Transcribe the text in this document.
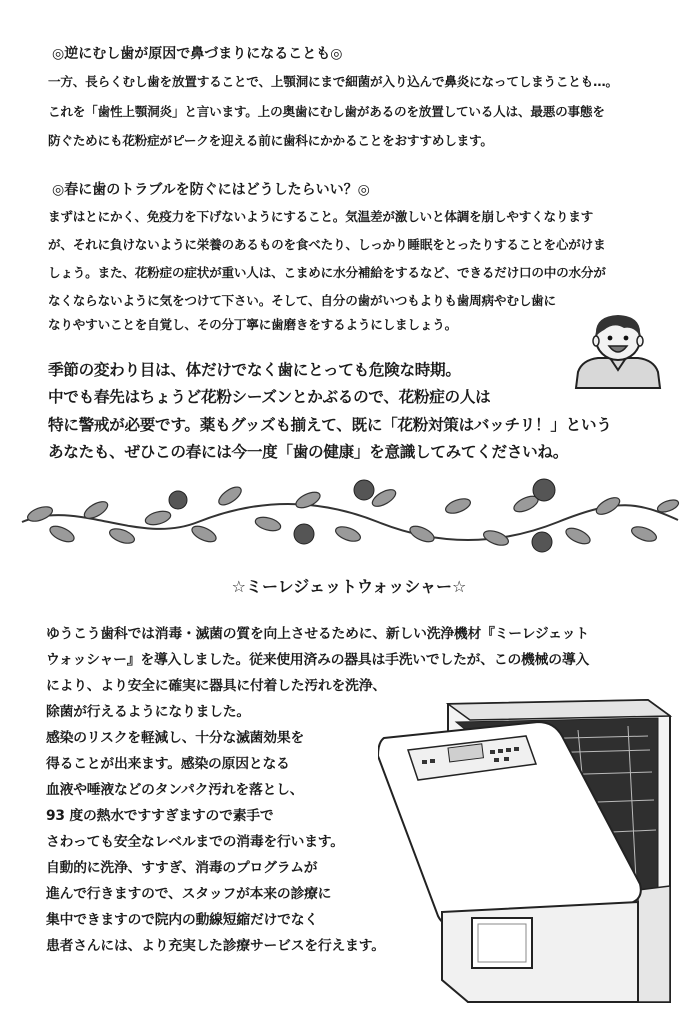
◎逆にむし歯が原因で鼻づまりになることも◎
一方、長らくむし歯を放置することで、上顎洞にまで細菌が入り込んで鼻炎になってしまうことも…。
これを「歯性上顎洞炎」と言います。上の奥歯にむし歯があるのを放置している人は、最悪の事態を
防ぐためにも花粉症がピークを迎える前に歯科にかかることをおすすめします。
◎春に歯のトラブルを防ぐにはどうしたらいい？◎
まずはとにかく、免疫力を下げないようにすること。気温差が激しいと体調を崩しやすくなります
が、それに負けないように栄養のあるものを食べたり、しっかり睡眠をとったりすることを心がけま
しょう。また、花粉症の症状が重い人は、こまめに水分補給をするなど、できるだけ口の中の水分が
なくならないように気をつけて下さい。そして、自分の歯がいつもよりも歯周病やむし歯に
なりやすいことを自覚し、その分丁寧に歯磨きをするようにしましょう。
季節の変わり目は、体だけでなく歯にとっても危険な時期。
中でも春先はちょうど花粉シーズンとかぶるので、花粉症の人は
特に警戒が必要です。薬もグッズも揃えて、既に「花粉対策はバッチリ！」という
あなたも、ぜひこの春には今一度「歯の健康」を意識してみてくださいね。
☆ミーレジェットウォッシャー☆
ゆうこう歯科では消毒・滅菌の質を向上させるために、新しい洗浄機材『ミーレジェット
ウォッシャー』を導入しました。従来使用済みの器具は手洗いでしたが、この機械の導入
により、より安全に確実に器具に付着した汚れを洗浄、
除菌が行えるようになりました。
感染のリスクを軽減し、十分な滅菌効果を
得ることが出来ます。感染の原因となる
血液や唾液などのタンパク汚れを落とし、
93 度の熱水ですすぎますので素手で
さわっても安全なレベルまでの消毒を行います。
自動的に洗浄、すすぎ、消毒のプログラムが
進んで行きますので、スタッフが本来の診療に
集中できますので院内の動線短縮だけでなく
患者さんには、より充実した診療サービスを行えます。
